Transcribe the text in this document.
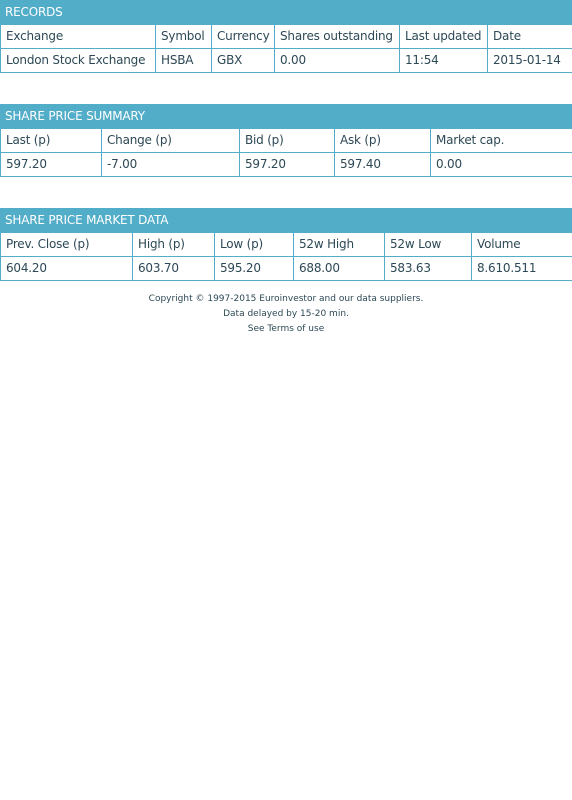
RECORDS
Exchange	Symbol	Currency	Shares outstanding	Last updated	Date
London Stock Exchange	HSBA	GBX	0.00	11:54	2015-01-14
SHARE PRICE SUMMARY
Last (p)	Change (p)	Bid (p)	Ask (p)	Market cap.
597.20	-7.00	597.20	597.40	0.00
SHARE PRICE MARKET DATA
Prev. Close (p)	High (p)	Low (p)	52w High	52w Low	Volume
604.20	603.70	595.20	688.00	583.63	8.610.511
Copyright © 1997-2015 Euroinvestor and our data suppliers.
Data delayed by 15-20 min.
See Terms of use
